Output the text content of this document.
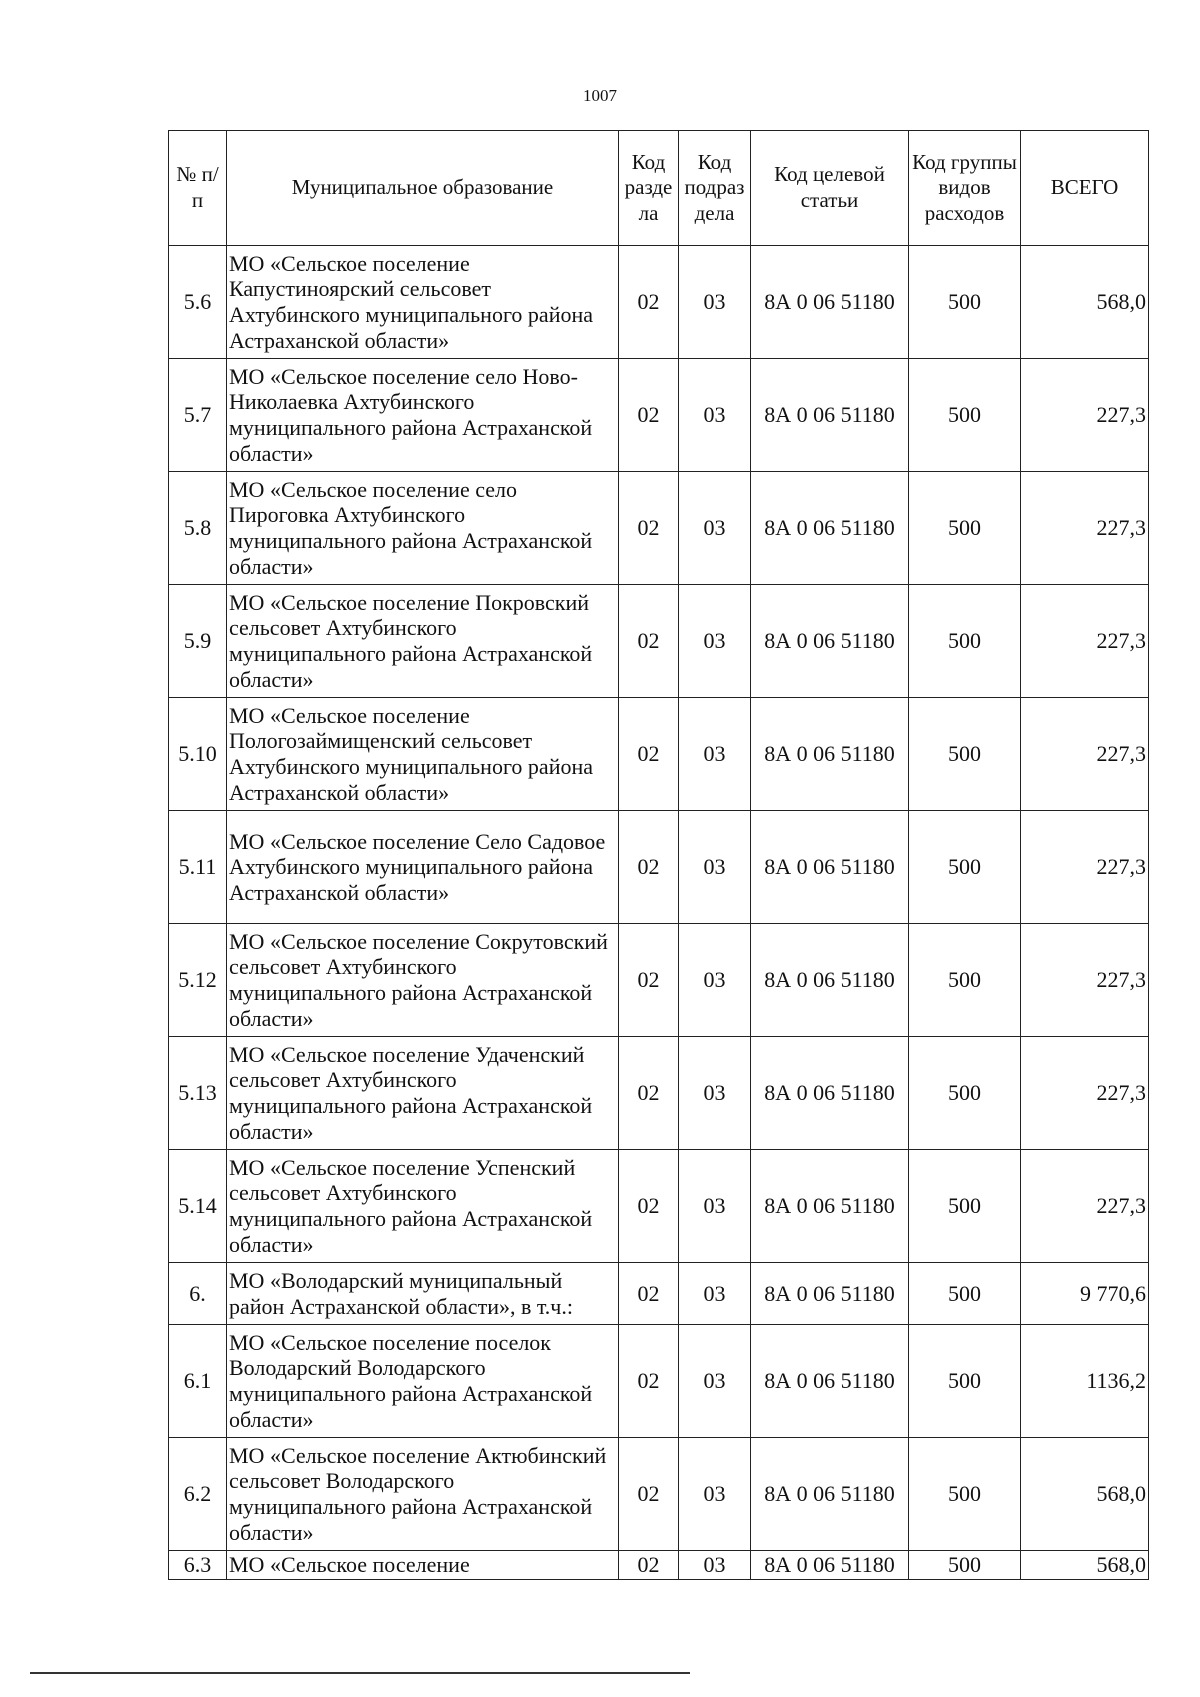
1007
№ п/п	Муниципальное образование	Код разде ла	Код подраз дела	Код целевой статьи	Код группы видов расходов	ВСЕГО
5.6	МО «Сельское поселение Капустиноярский сельсовет Ахтубинского муниципального района Астраханской области»	02	03	8А 0 06 51180	500	568,0
5.7	МО «Сельское поселение село Ново-Николаевка Ахтубинского муниципального района Астраханской области»	02	03	8А 0 06 51180	500	227,3
5.8	МО «Сельское поселение село Пироговка Ахтубинского муниципального района Астраханской области»	02	03	8А 0 06 51180	500	227,3
5.9	МО «Сельское поселение Покровский сельсовет Ахтубинского муниципального района Астраханской области»	02	03	8А 0 06 51180	500	227,3
5.10	МО «Сельское поселение Пологозаймищенский сельсовет Ахтубинского муниципального района Астраханской области»	02	03	8А 0 06 51180	500	227,3
5.11	МО «Сельское поселение Село Садовое Ахтубинского муниципального района Астраханской области»	02	03	8А 0 06 51180	500	227,3
5.12	МО «Сельское поселение Сокрутовский сельсовет Ахтубинского муниципального района Астраханской области»	02	03	8А 0 06 51180	500	227,3
5.13	МО «Сельское поселение Удаченский сельсовет Ахтубинского муниципального района Астраханской области»	02	03	8А 0 06 51180	500	227,3
5.14	МО «Сельское поселение Успенский сельсовет Ахтубинского муниципального района Астраханской области»	02	03	8А 0 06 51180	500	227,3
6.	МО «Володарский муниципальный район Астраханской области», в т.ч.:	02	03	8А 0 06 51180	500	9 770,6
6.1	МО «Сельское поселение поселок Володарский Володарского муниципального района Астраханской области»	02	03	8А 0 06 51180	500	1136,2
6.2	МО «Сельское поселение Актюбинский сельсовет Володарского муниципального района Астраханской области»	02	03	8А 0 06 51180	500	568,0
6.3	МО «Сельское поселение	02	03	8А 0 06 51180	500	568,0
